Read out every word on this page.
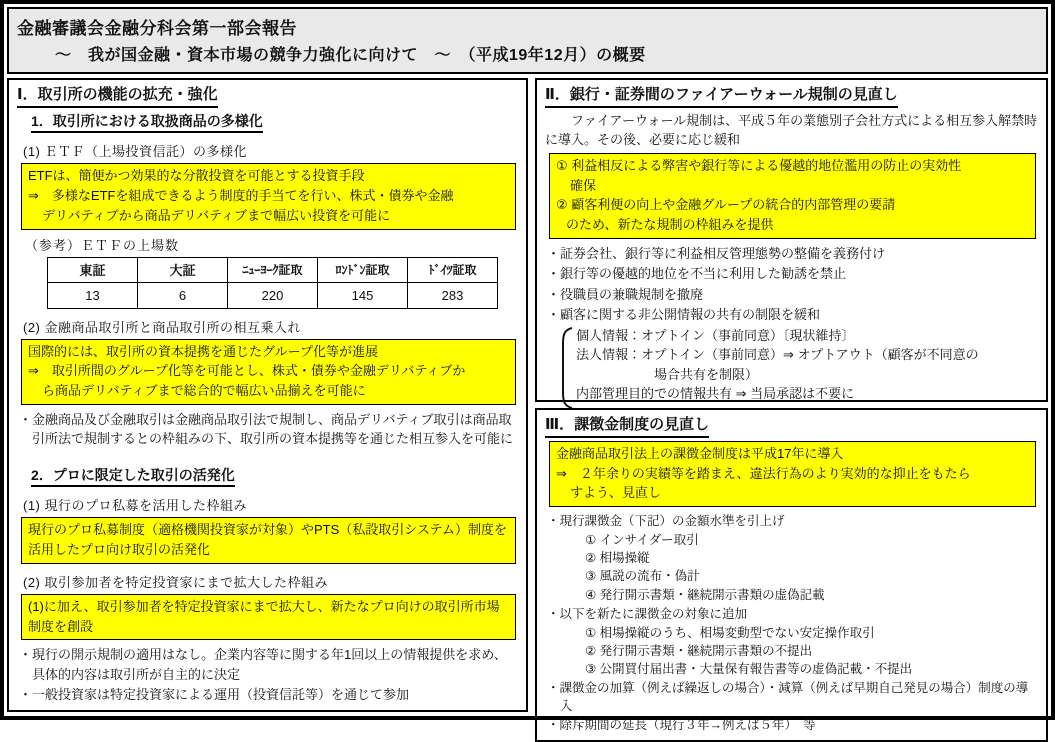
金融審議会金融分科会第一部会報告
～　我が国金融・資本市場の競争力強化に向けて　～　（平成19年12月）の概要
Ⅰ．取引所の機能の拡充・強化
1．取引所における取扱商品の多様化
(1) ＥＴＦ（上場投資信託）の多様化
ETFは、簡便かつ効果的な分散投資を可能とする投資手段
⇒　多様なETFを組成できるよう制度的手当てを行い、株式・債券や金融
デリバティブから商品デリバティブまで幅広い投資を可能に
（参考）ＥＴＦの上場数
東証	大証	ﾆｭｰﾖｰｸ証取	ﾛﾝﾄﾞﾝ証取	ﾄﾞｲﾂ証取
13	6	220	145	283
(2) 金融商品取引所と商品取引所の相互乗入れ
国際的には、取引所の資本提携を通じたグループ化等が進展
⇒　取引所間のグループ化等を可能とし、株式・債券や金融デリバティブか
ら商品デリバティブまで総合的で幅広い品揃えを可能に
・金融商品及び金融取引は金融商品取引法で規制し、商品デリバティブ取引は商品取引所法で規制するとの枠組みの下、取引所の資本提携等を通じた相互参入を可能に
2．プロに限定した取引の活発化
(1) 現行のプロ私募を活用した枠組み
現行のプロ私募制度（適格機関投資家が対象）やPTS（私設取引システム）制度を活用したプロ向け取引の活発化
(2) 取引参加者を特定投資家にまで拡大した枠組み
(1)に加え、取引参加者を特定投資家にまで拡大し、新たなプロ向けの取引所市場制度を創設
・現行の開示規制の適用はなし。企業内容等に関する年1回以上の情報提供を求め、具体的内容は取引所が自主的に決定
・一般投資家は特定投資家による運用（投資信託等）を通じて参加
Ⅱ．銀行・証券間のファイアーウォール規制の見直し
ファイアーウォール規制は、平成５年の業態別子会社方式による相互参入解禁時に導入。その後、必要に応じ緩和
① 利益相反による弊害や銀行等による優越的地位濫用の防止の実効性
確保
② 顧客利便の向上や金融グループの統合的内部管理の要請
のため、新たな規制の枠組みを提供
・証券会社、銀行等に利益相反管理態勢の整備を義務付け
・銀行等の優越的地位を不当に利用した勧誘を禁止
・役職員の兼職規制を撤廃
・顧客に関する非公開情報の共有の制限を緩和
個人情報：オプトイン（事前同意）〔現状維持〕
法人情報：オプトイン（事前同意）⇒ オプトアウト（顧客が不同意の
場合共有を制限）
内部管理目的での情報共有 ⇒ 当局承認は不要に
Ⅲ．課徴金制度の見直し
金融商品取引法上の課徴金制度は平成17年に導入
⇒　２年余りの実績等を踏まえ、違法行為のより実効的な抑止をもたら
すよう、見直し
・現行課徴金（下記）の金額水準を引上げ
① インサイダー取引
② 相場操縦
③ 風説の流布・偽計
④ 発行開示書類・継続開示書類の虚偽記載
・以下を新たに課徴金の対象に追加
① 相場操縦のうち、相場変動型でない安定操作取引
② 発行開示書類・継続開示書類の不提出
③ 公開買付届出書・大量保有報告書等の虚偽記載・不提出
・課徴金の加算（例えば繰返しの場合）・減算（例えば早期自己発見の場合）制度の導入
・除斥期間の延長（現行３年→例えば５年）　等
